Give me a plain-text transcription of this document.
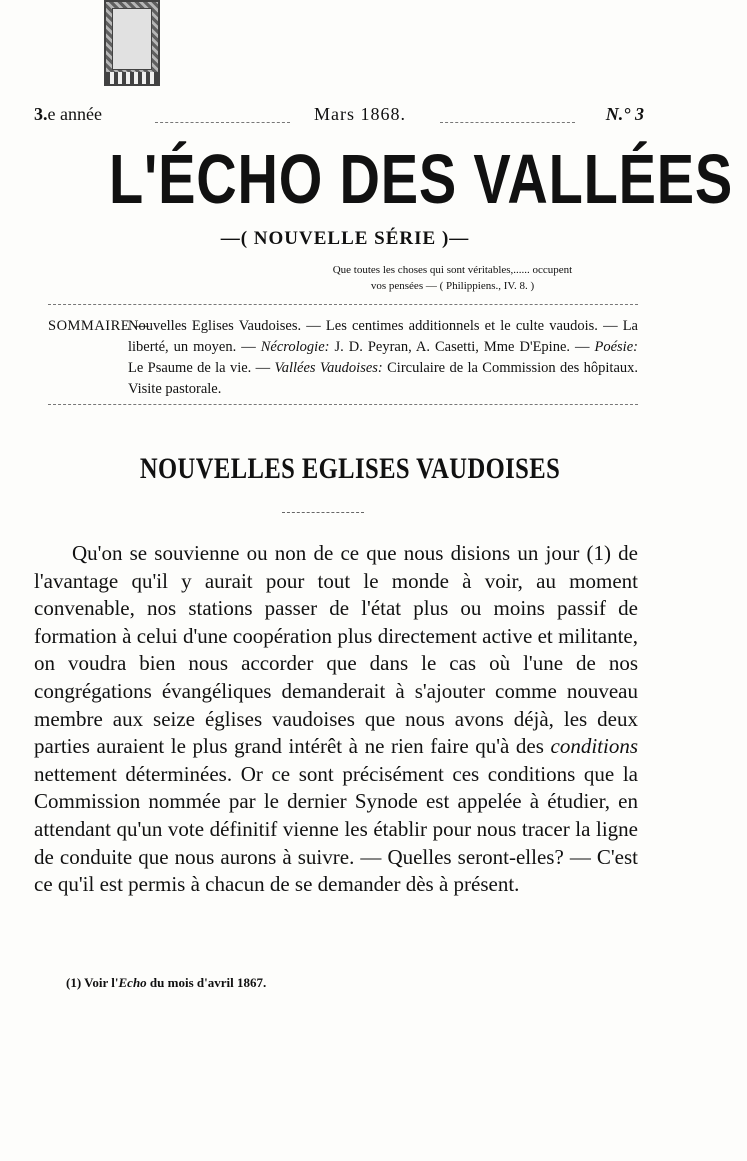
3.e année	Mars 1868.	N.° 3
L'ÉCHO DES VALLÉES
—( NOUVELLE SÉRIE )—
Que toutes les choses qui sont véritables,...... occupent
vos pensées — ( Philippiens., IV. 8. )
SOMMAIRE —
Nouvelles Eglises Vaudoises. — Les centimes additionnels et le culte vaudois. — La liberté, un moyen. — Nécrologie: J. D. Peyran, A. Casetti, Mme D'Epine. — Poésie: Le Psaume de la vie. — Vallées Vaudoises: Circulaire de la Commission des hôpitaux. Visite pastorale.
NOUVELLES EGLISES VAUDOISES

Qu'on se souvienne ou non de ce que nous disions un jour (1) de l'avantage qu'il y aurait pour tout le monde à voir, au moment convenable, nos stations passer de l'état plus ou moins passif de formation à celui d'une coopération plus directement active et militante, on voudra bien nous accorder que dans le cas où l'une de nos congrégations évangéliques demanderait à s'ajouter comme nouveau membre aux seize églises vaudoises que nous avons déjà, les deux parties auraient le plus grand intérêt à ne rien faire qu'à des conditions nettement déterminées. Or ce sont précisément ces conditions que la Commission nommée par le dernier Synode est appelée à étudier, en attendant qu'un vote définitif vienne les établir pour nous tracer la ligne de conduite que nous aurons à suivre. — Quelles seront-elles? — C'est ce qu'il est permis à chacun de se demander dès à présent.

(1) Voir l'Echo du mois d'avril 1867.
